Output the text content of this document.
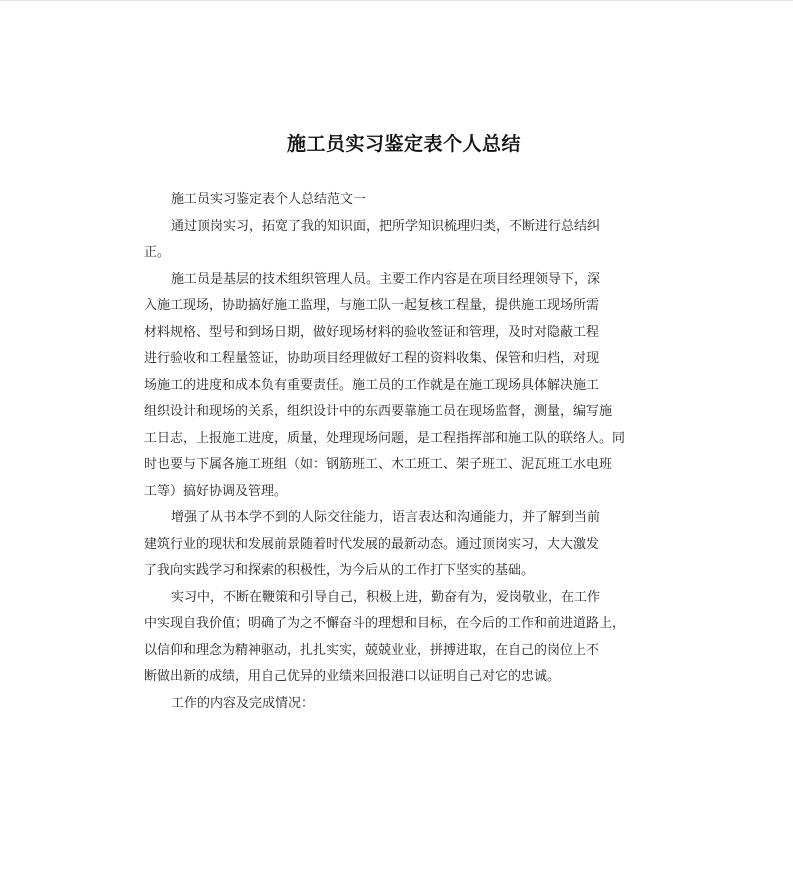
施工员实习鉴定表个人总结
施工员实习鉴定表个人总结范文一
通过顶岗实习，拓宽了我的知识面，把所学知识梳理归类，不断进行总结纠
正。
施工员是基层的技术组织管理人员。主要工作内容是在项目经理领导下，深
入施工现场，协助搞好施工监理，与施工队一起复核工程量，提供施工现场所需
材料规格、型号和到场日期，做好现场材料的验收签证和管理，及时对隐蔽工程
进行验收和工程量签证，协助项目经理做好工程的资料收集、保管和归档，对现
场施工的进度和成本负有重要责任。施工员的工作就是在施工现场具体解决施工
组织设计和现场的关系，组织设计中的东西要靠施工员在现场监督，测量，编写施
工日志，上报施工进度，质量，处理现场问题，是工程指挥部和施工队的联络人。同
时也要与下属各施工班组（如：钢筋班工、木工班工、架子班工、泥瓦班工水电班
工等）搞好协调及管理。
增强了从书本学不到的人际交往能力，语言表达和沟通能力，并了解到当前
建筑行业的现状和发展前景随着时代发展的最新动态。通过顶岗实习，大大激发
了我向实践学习和探索的积极性，为今后从的工作打下坚实的基础。
实习中，不断在鞭策和引导自己，积极上进，勤奋有为，爱岗敬业，在工作
中实现自我价值；明确了为之不懈奋斗的理想和目标，在今后的工作和前进道路上，
以信仰和理念为精神驱动，扎扎实实，兢兢业业，拼搏进取，在自己的岗位上不
断做出新的成绩，用自己优异的业绩来回报港口以证明自己对它的忠诚。
工作的内容及完成情况：
